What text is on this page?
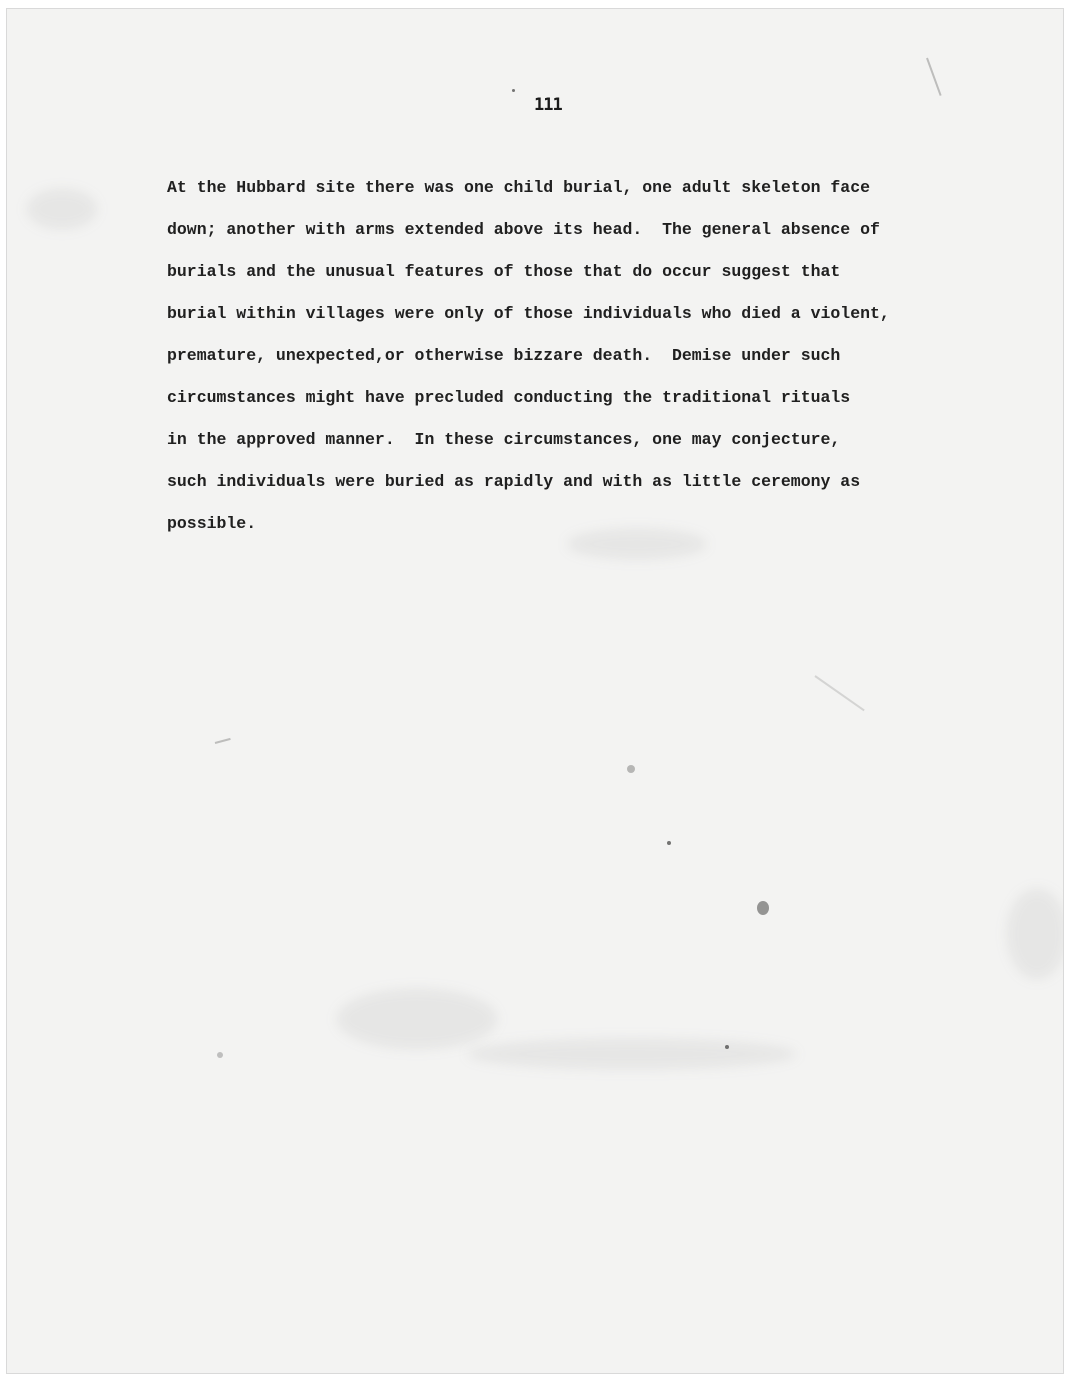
111

At the Hubbard site there was one child burial, one adult skeleton face
down; another with arms extended above its head.  The general absence of
burials and the unusual features of those that do occur suggest that
burial within villages were only of those individuals who died a violent,
premature, unexpected,or otherwise bizzare death.  Demise under such
circumstances might have precluded conducting the traditional rituals
in the approved manner.  In these circumstances, one may conjecture,
such individuals were buried as rapidly and with as little ceremony as
possible.
